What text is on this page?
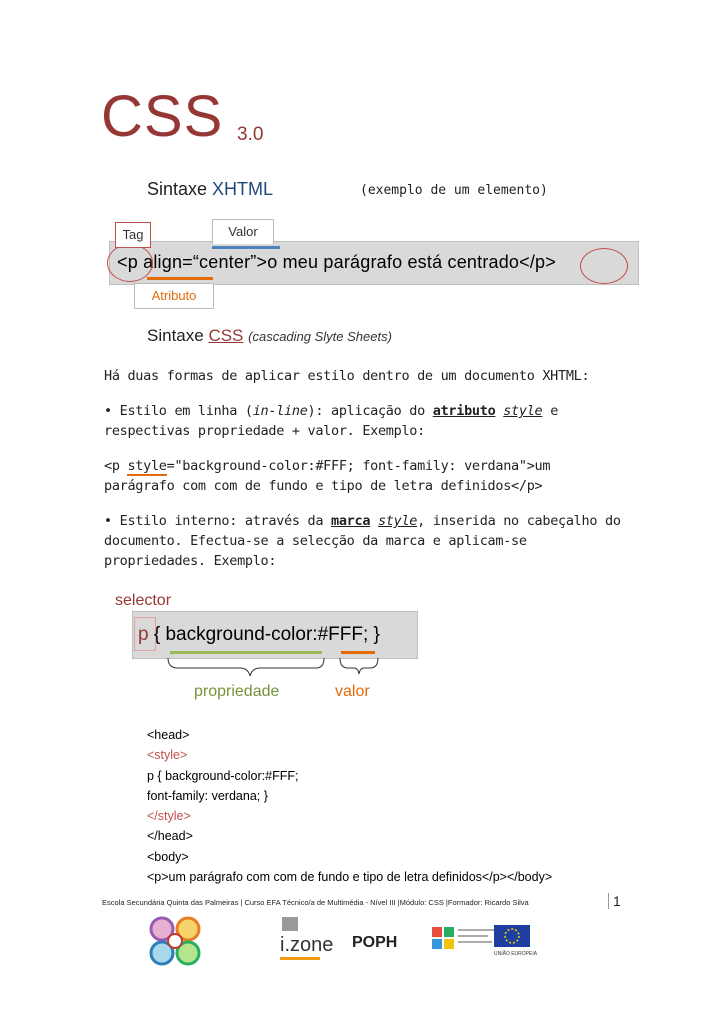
CSS 3.0
Sintaxe XHTML	(exemplo de um elemento)
<p align=“center”>o meu parágrafo está centrado</p>
Tag	Valor
Atributo
Sintaxe CSS (cascading Slyte Sheets)
Há duas formas de aplicar estilo dentro de um documento XHTML:
• Estilo em linha (in-line): aplicação do atributo style e respectivas propriedade + valor. Exemplo:
<p style="background-color:#FFF; font-family: verdana">um parágrafo com com de fundo e tipo de letra definidos</p>
• Estilo interno: através da marca style, inserida no cabeçalho do documento. Efectua-se a selecção da marca e aplicam-se propriedades. Exemplo:
selector
p { background-color:#FFF; }
propriedade	valor
<head>
<style>
p { background-color:#FFF;
font-family: verdana; }
</style>
</head>
<body>
<p>um parágrafo com com de fundo e tipo de letra definidos</p></body>
Escola Secundária Quinta das Palmeiras | Curso EFA Técnico/a de Multimédia - Nível III |Módulo: CSS |Formador: Ricardo Silva	1
i.zone POPH
UNIÃO EUROPEIA
